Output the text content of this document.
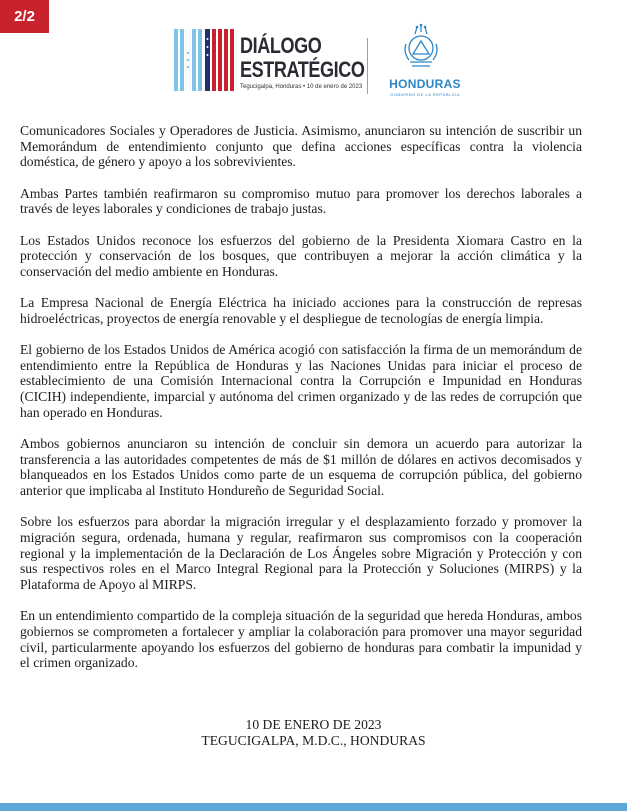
2/2
DIÁLOGO
ESTRATÉGICO
Tegucigalpa, Honduras • 10 de enero de 2023	HONDURAS
GOBIERNO DE LA REPÚBLICA

Comunicadores Sociales y Operadores de Justicia. Asimismo, anunciaron su intención de suscribir un Memorándum de entendimiento conjunto que defina acciones específicas contra la violencia doméstica, de género y apoyo a los sobrevivientes.

Ambas Partes también reafirmaron su compromiso mutuo para promover los derechos laborales a través de leyes laborales y condiciones de trabajo justas.

Los Estados Unidos reconoce los esfuerzos del gobierno de la Presidenta Xiomara Castro en la protección y conservación de los bosques, que contribuyen a mejorar la acción climática y la conservación del medio ambiente en Honduras.

La Empresa Nacional de Energía Eléctrica ha iniciado acciones para la construcción de represas hidroeléctricas, proyectos de energía renovable y el despliegue de tecnologías de energía limpia.

El gobierno de los Estados Unidos de América acogió con satisfacción la firma de un memorándum de entendimiento entre la República de Honduras y las Naciones Unidas para iniciar el proceso de establecimiento de una Comisión Internacional contra la Corrupción e Impunidad en Honduras (CICIH) independiente, imparcial y autónoma del crimen organizado y de las redes de corrupción que han operado en Honduras.

Ambos gobiernos anunciaron su intención de concluir sin demora un acuerdo para autorizar la transferencia a las autoridades competentes de más de $1 millón de dólares en activos decomisados y blanqueados en los Estados Unidos como parte de un esquema de corrupción pública, del gobierno anterior que implicaba al Instituto Hondureño de Seguridad Social.

Sobre los esfuerzos para abordar la migración irregular y el desplazamiento forzado y promover la migración segura, ordenada, humana y regular, reafirmaron sus compromisos con la cooperación regional y la implementación de la Declaración de Los Ángeles sobre Migración y Protección y con sus respectivos roles en el Marco Integral Regional para la Protección y Soluciones (MIRPS) y la Plataforma de Apoyo al MIRPS.

En un entendimiento compartido de la compleja situación de la seguridad que hereda Honduras, ambos gobiernos se comprometen a fortalecer y ampliar la colaboración para promover una mayor seguridad civil, particularmente apoyando los esfuerzos del gobierno de honduras para combatir la impunidad y el crimen organizado.

10 DE ENERO DE 2023
TEGUCIGALPA, M.D.C., HONDURAS
